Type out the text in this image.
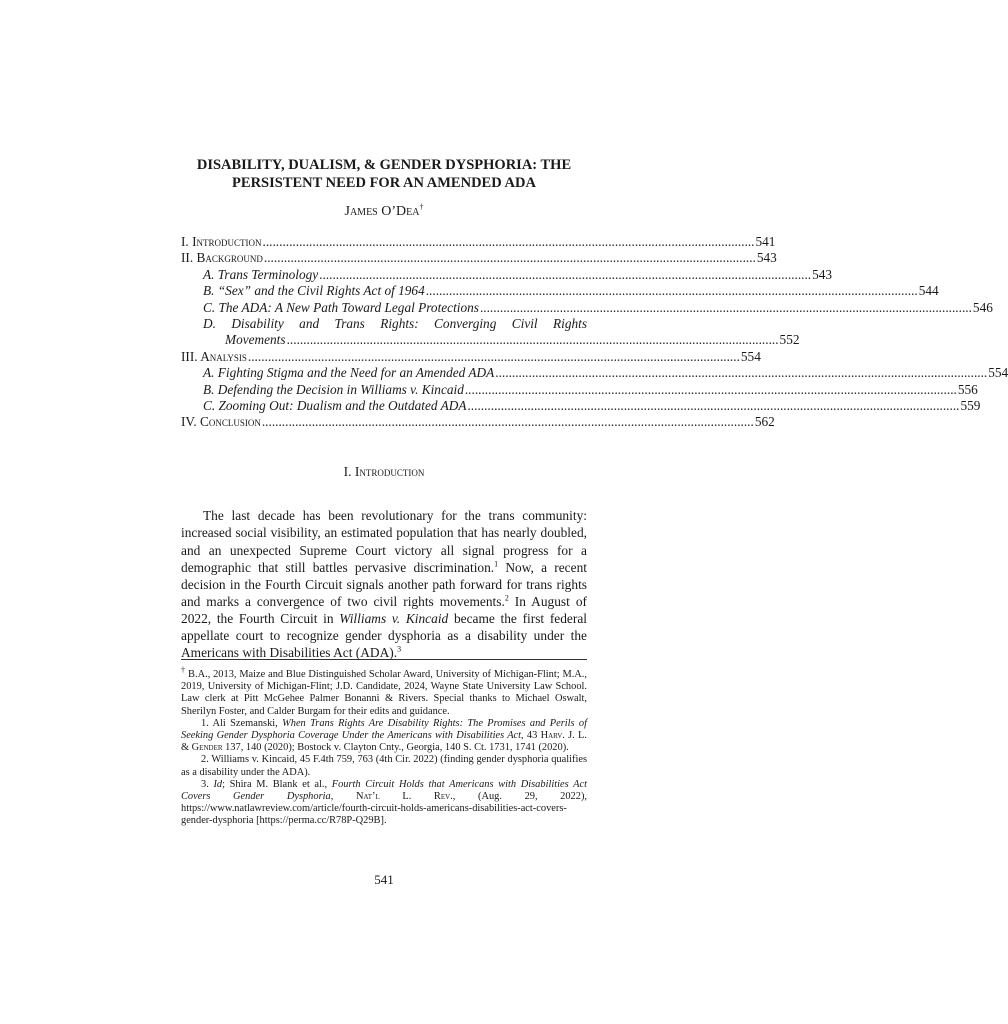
DISABILITY, DUALISM, & GENDER DYSPHORIA: THE
PERSISTENT NEED FOR AN AMENDED ADA
James O’Dea†
I. Introduction .................................................................................................................................................... 541
II. Background .................................................................................................................................................... 543
A. Trans Terminology .................................................................................................................................................... 543
B. “Sex” and the Civil Rights Act of 1964 .................................................................................................................................................... 544
C. The ADA: A New Path Toward Legal Protections .................................................................................................................................................... 546
D. Disability and Trans Rights: Converging Civil Rights
Movements .................................................................................................................................................... 552
III. Analysis .................................................................................................................................................... 554
A. Fighting Stigma and the Need for an Amended ADA .................................................................................................................................................... 554
B. Defending the Decision in Williams v. Kincaid .................................................................................................................................................... 556
C. Zooming Out: Dualism and the Outdated ADA .................................................................................................................................................... 559
IV. Conclusion .................................................................................................................................................... 562
I. Introduction

The last decade has been revolutionary for the trans community: increased social visibility, an estimated population that has nearly doubled, and an unexpected Supreme Court victory all signal progress for a demographic that still battles pervasive discrimination.$^1$ Now, a recent decision in the Fourth Circuit signals another path forward for trans rights and marks a convergence of two civil rights movements.$^2$ In August of 2022, the Fourth Circuit in Williams v. Kincaid became the first federal appellate court to recognize gender dysphoria as a disability under the Americans with Disabilities Act (ADA).$^3$

† B.A., 2013, Maize and Blue Distinguished Scholar Award, University of Michigan-Flint; M.A., 2019, University of Michigan-Flint; J.D. Candidate, 2024, Wayne State University Law School. Law clerk at Pitt McGehee Palmer Bonanni & Rivers. Special thanks to Michael Oswalt, Sherilyn Foster, and Calder Burgam for their edits and guidance.

1. Ali Szemanski, When Trans Rights Are Disability Rights: The Promises and Perils of Seeking Gender Dysphoria Coverage Under the Americans with Disabilities Act, 43 Harv. J. L. & Gender 137, 140 (2020); Bostock v. Clayton Cnty., Georgia, 140 S. Ct. 1731, 1741 (2020).

2. Williams v. Kincaid, 45 F.4th 759, 763 (4th Cir. 2022) (finding gender dysphoria qualifies as a disability under the ADA).

3. Id; Shira M. Blank et al., Fourth Circuit Holds that Americans with Disabilities Act Covers Gender Dysphoria, Nat’l L. Rev., (Aug. 29, 2022), https://www.natlawreview.com/article/fourth-circuit-holds-americans-disabilities-act-covers-gender-dysphoria [https://perma.cc/R78P-Q29B].

541
